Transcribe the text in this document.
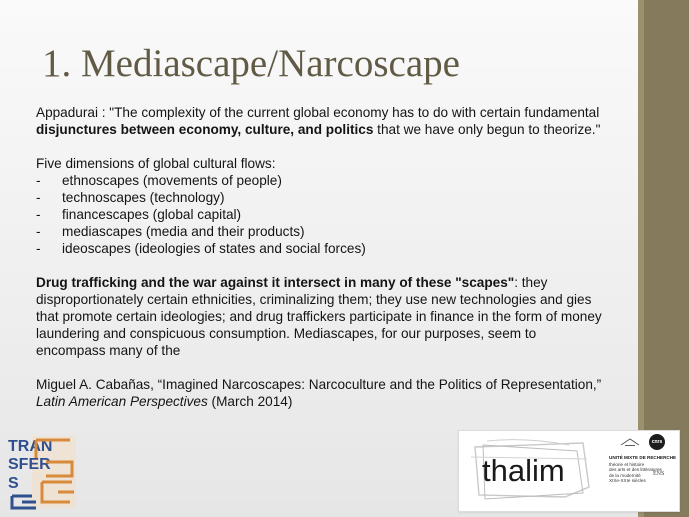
1. Mediascape/Narcoscape

Appadurai : "The complexity of the current global economy has to do with certain fundamental disjunctures between economy, culture, and politics that we have only begun to theorize."

Five dimensions of global cultural flows:

- ethnoscapes (movements of people)
- technoscapes (technology)
- financescapes (global capital)
- mediascapes (media and their products)
- ideoscapes (ideologies of states and social forces)

Drug trafficking and the war against it intersect in many of these "scapes": they disproportionately certain ethnicities, criminalizing them; they use new technologies and gies that promote certain ideologies; and drug traffickers participate in finance in the form of money laundering and conspicuous consumption. Mediascapes, for our purposes, seem to encompass many of the

Miguel A. Cabañas, “Imagined Narcoscapes: Narcoculture and the Politics of Representation,” Latin American Perspectives (March 2014)

TRAN
SFER
S	thalim
cnrs
UNITÉ MIXTE DE RECHERCHE
théorie et histoire
des arts et des littératures
de la modernité
XIXe-XXIe siècles
ENS
